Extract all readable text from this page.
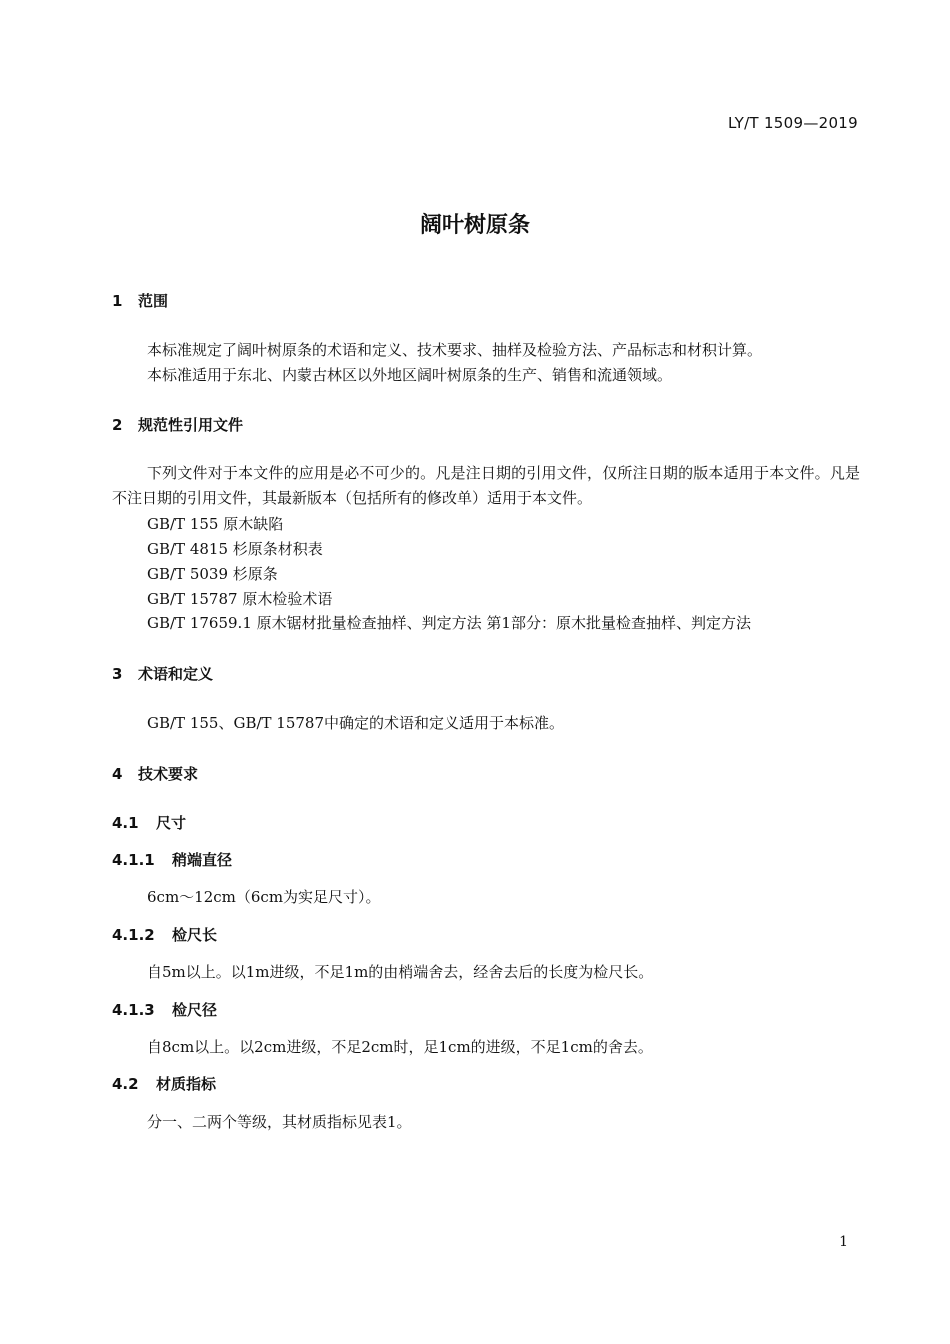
LY/T 1509—2019
阔叶树原条
1 范围
本标准规定了阔叶树原条的术语和定义、技术要求、抽样及检验方法、产品标志和材积计算。
本标准适用于东北、内蒙古林区以外地区阔叶树原条的生产、销售和流通领域。
2 规范性引用文件
下列文件对于本文件的应用是必不可少的。凡是注日期的引用文件，仅所注日期的版本适用于本文件。凡是不注日期的引用文件，其最新版本（包括所有的修改单）适用于本文件。
GB/T 155 原木缺陷
GB/T 4815 杉原条材积表
GB/T 5039 杉原条
GB/T 15787 原木检验术语
GB/T 17659.1 原木锯材批量检查抽样、判定方法 第1部分：原木批量检查抽样、判定方法
3 术语和定义
GB/T 155、GB/T 15787中确定的术语和定义适用于本标准。
4 技术要求
4.1 尺寸
4.1.1 稍端直径
6cm～12cm（6cm为实足尺寸）。
4.1.2 检尺长
自5m以上。以1m进级，不足1m的由梢端舍去，经舍去后的长度为检尺长。
4.1.3 检尺径
自8cm以上。以2cm进级，不足2cm时，足1cm的进级，不足1cm的舍去。
4.2 材质指标
分一、二两个等级，其材质指标见表1。
1
